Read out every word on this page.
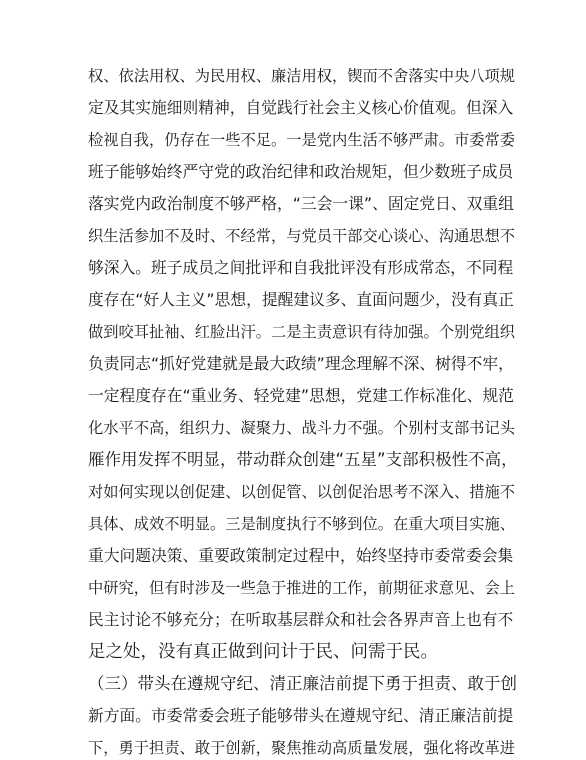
权、依法用权、为民用权、廉洁用权，锲而不舍落实中央八项规
定及其实施细则精神，自觉践行社会主义核心价值观。但深入
检视自我，仍存在一些不足。一是党内生活不够严肃。市委常委
班子能够始终严守党的政治纪律和政治规矩，但少数班子成员
落实党内政治制度不够严格，“三会一课”、固定党日、双重组
织生活参加不及时、不经常，与党员干部交心谈心、沟通思想不
够深入。班子成员之间批评和自我批评没有形成常态，不同程
度存在“好人主义”思想，提醒建议多、直面问题少，没有真正
做到咬耳扯袖、红脸出汗。二是主责意识有待加强。个别党组织
负责同志“抓好党建就是最大政绩”理念理解不深、树得不牢，
一定程度存在“重业务、轻党建”思想，党建工作标准化、规范
化水平不高，组织力、凝聚力、战斗力不强。个别村支部书记头
雁作用发挥不明显，带动群众创建“五星”支部积极性不高，
对如何实现以创促建、以创促管、以创促治思考不深入、措施不
具体、成效不明显。三是制度执行不够到位。在重大项目实施、
重大问题决策、重要政策制定过程中，始终坚持市委常委会集
中研究，但有时涉及一些急于推进的工作，前期征求意见、会上
民主讨论不够充分；在听取基层群众和社会各界声音上也有不
足之处，没有真正做到问计于民、问需于民。
（三）带头在遵规守纪、清正廉洁前提下勇于担责、敢于创
新方面。市委常委会班子能够带头在遵规守纪、清正廉洁前提
下，勇于担责、敢于创新，聚焦推动高质量发展，强化将改革进
